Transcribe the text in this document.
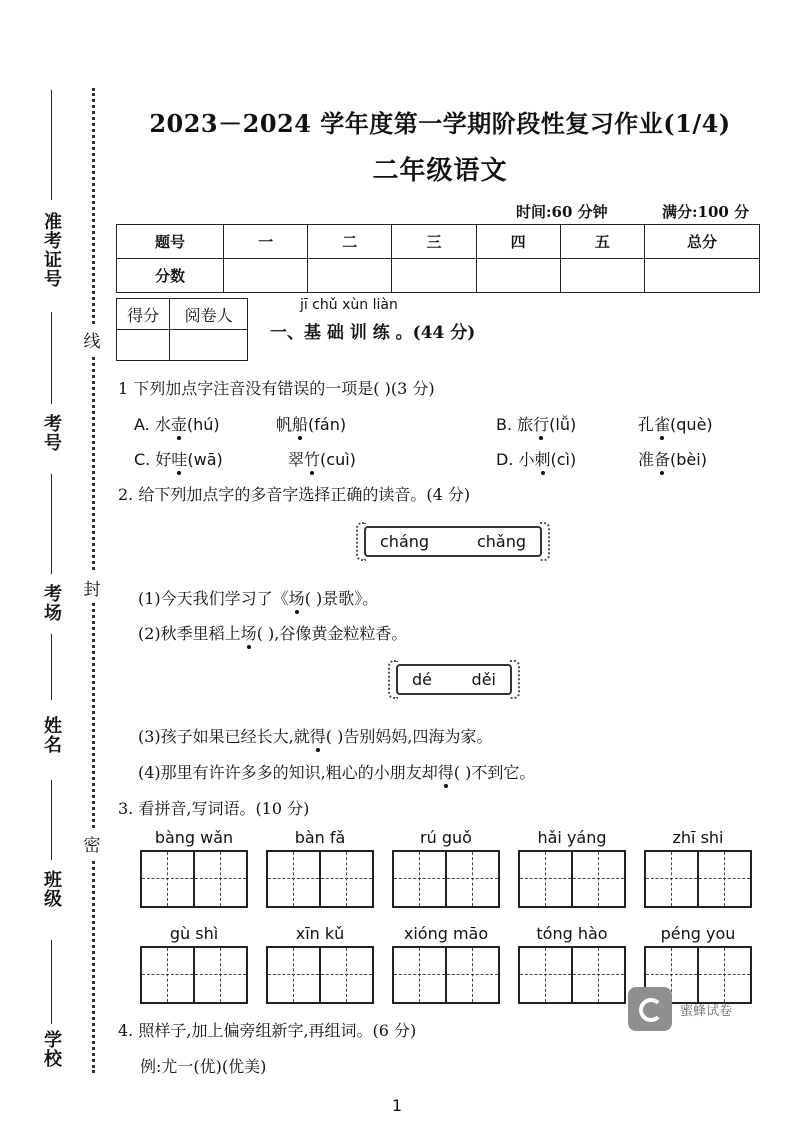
准考证号
考号
考场
姓名
班级
学校
线
封
密
2023－2024 学年度第一学期阶段性复习作业(1/4)
二年级语文
时间:60 分钟	满分:100 分
题号	一	二	三	四	五	总分
分数						
得分	阅卷人

jī chǔ xùn liàn
一、基 础 训 练 。(44 分)
1 下列加点字注音没有错误的一项是( )(3 分)
A. 水壶(hú)	帆船(fán)	B. 旅行(lǚ)	孔雀(què)
C. 好哇(wā)	翠竹(cuì)	D. 小刺(cì)	准备(bèi)
2. 给下列加点字的多音字选择正确的读音。(4 分)
cháng	chǎng
(1)今天我们学习了《场( )景歌》。
(2)秋季里稻上场( ),谷像黄金粒粒香。
dé děi
(3)孩子如果已经长大,就得( )告别妈妈,四海为家。
(4)那里有许许多多的知识,粗心的小朋友却得( )不到它。
3. 看拼音,写词语。(10 分)
bàng wǎn	bàn fǎ	rú guǒ	hǎi yáng	zhī shi
gù shì	xīn kǔ	xióng māo	tóng hào	péng you
蜜蜂试卷
4. 照样子,加上偏旁组新字,再组词。(6 分)
例:尤一(优)(优美)
1
